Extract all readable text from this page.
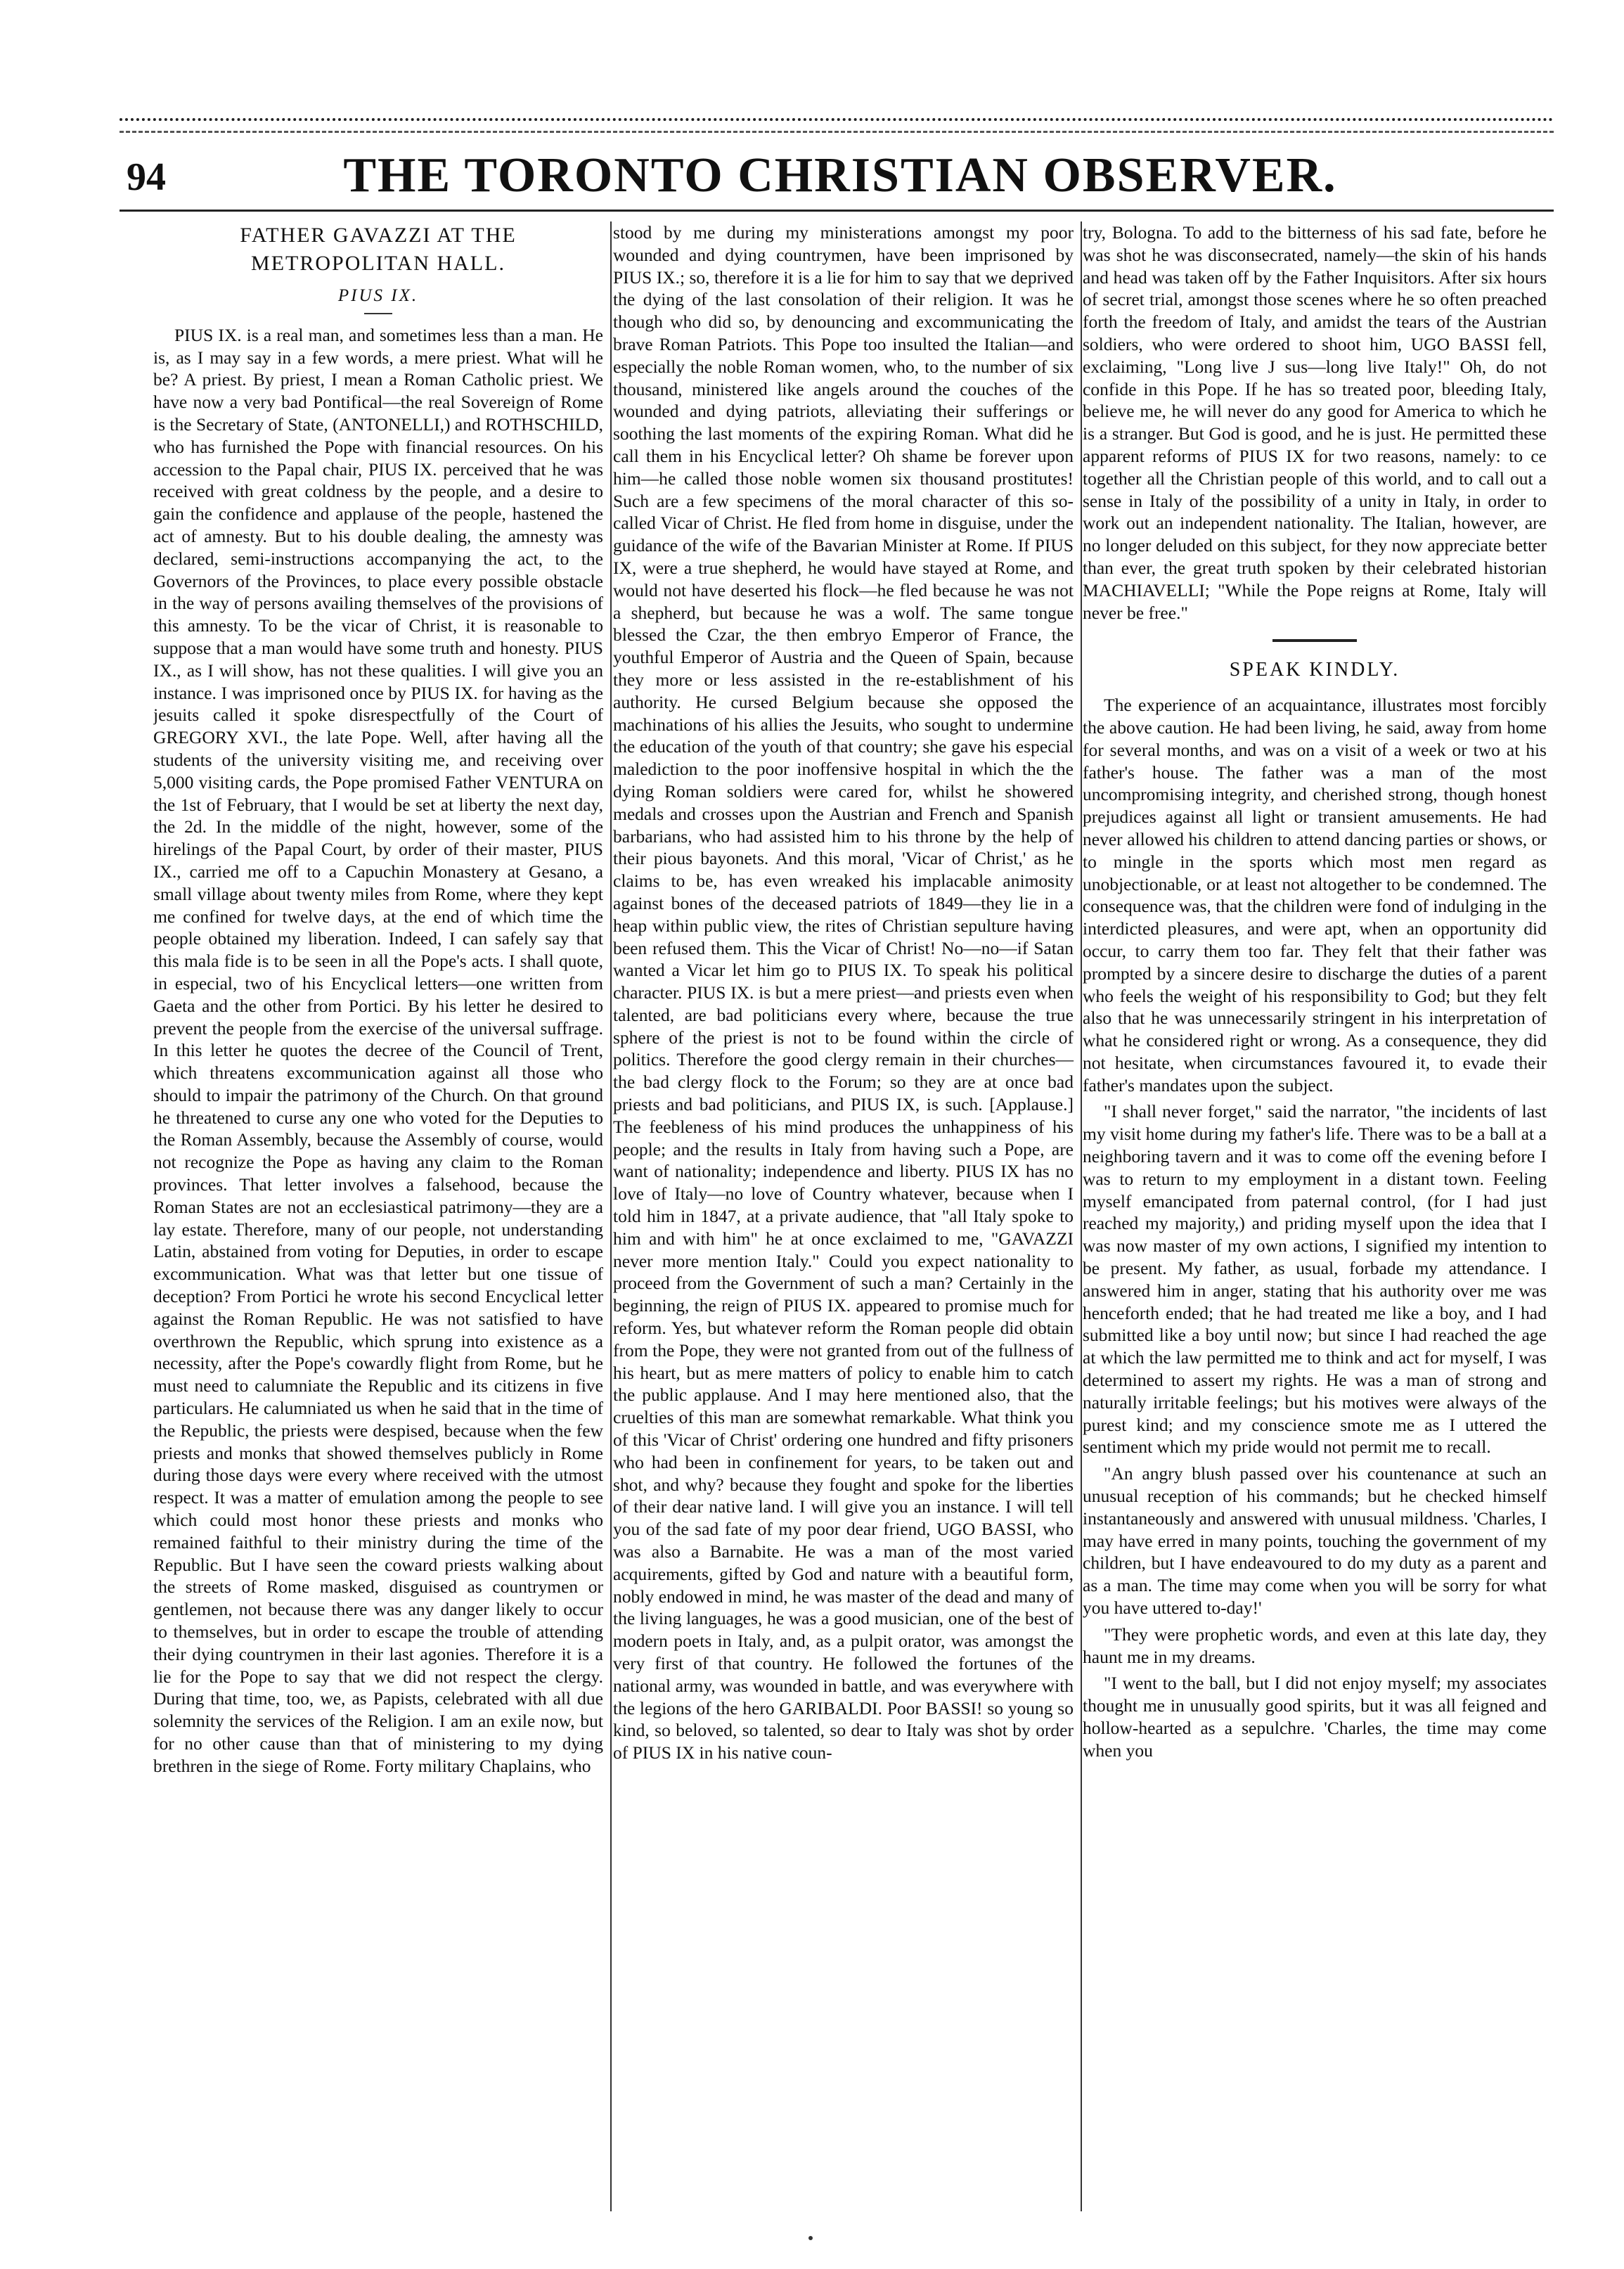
94	THE TORONTO CHRISTIAN OBSERVER.
FATHER GAVAZZI AT THE METROPOLITAN HALL.
PIUS IX.

PIUS IX. is a real man, and sometimes less than a man. He is, as I may say in a few words, a mere priest. What will he be? A priest. By priest, I mean a Roman Catholic priest. We have now a very bad Pontifical—the real Sovereign of Rome is the Secretary of State, (ANTONELLI,) and ROTHSCHILD, who has furnished the Pope with financial resources. On his accession to the Papal chair, PIUS IX. perceived that he was received with great coldness by the people, and a desire to gain the confidence and applause of the people, hastened the act of amnesty. But to his double dealing, the amnesty was declared, semi-instructions accompanying the act, to the Governors of the Provinces, to place every possible obstacle in the way of persons availing themselves of the provisions of this amnesty. To be the vicar of Christ, it is reasonable to suppose that a man would have some truth and honesty. PIUS IX., as I will show, has not these qualities. I will give you an instance. I was imprisoned once by PIUS IX. for having as the jesuits called it spoke disrespectfully of the Court of GREGORY XVI., the late Pope. Well, after having all the students of the university visiting me, and receiving over 5,000 visiting cards, the Pope promised Father VENTURA on the 1st of February, that I would be set at liberty the next day, the 2d. In the middle of the night, however, some of the hirelings of the Papal Court, by order of their master, PIUS IX., carried me off to a Capuchin Monastery at Gesano, a small village about twenty miles from Rome, where they kept me confined for twelve days, at the end of which time the people obtained my liberation. Indeed, I can safely say that this mala fide is to be seen in all the Pope's acts. I shall quote, in especial, two of his Encyclical letters—one written from Gaeta and the other from Portici. By his letter he desired to prevent the people from the exercise of the universal suffrage. In this letter he quotes the decree of the Council of Trent, which threatens excommunication against all those who should to impair the patrimony of the Church. On that ground he threatened to curse any one who voted for the Deputies to the Roman Assembly, because the Assembly of course, would not recognize the Pope as having any claim to the Roman provinces. That letter involves a falsehood, because the Roman States are not an ecclesiastical patrimony—they are a lay estate. Therefore, many of our people, not understanding Latin, abstained from voting for Deputies, in order to escape excommunication. What was that letter but one tissue of deception? From Portici he wrote his second Encyclical letter against the Roman Republic. He was not satisfied to have overthrown the Republic, which sprung into existence as a necessity, after the Pope's cowardly flight from Rome, but he must need to calumniate the Republic and its citizens in five particulars. He calumniated us when he said that in the time of the Republic, the priests were despised, because when the few priests and monks that showed themselves publicly in Rome during those days were every where received with the utmost respect. It was a matter of emulation among the people to see which could most honor these priests and monks who remained faithful to their ministry during the time of the Republic. But I have seen the coward priests walking about the streets of Rome masked, disguised as countrymen or gentlemen, not because there was any danger likely to occur to themselves, but in order to escape the trouble of attending their dying countrymen in their last agonies. Therefore it is a lie for the Pope to say that we did not respect the clergy. During that time, too, we, as Papists, celebrated with all due solemnity the services of the Religion. I am an exile now, but for no other cause than that of ministering to my dying brethren in the siege of Rome. Forty military Chaplains, who

stood by me during my ministerations amongst my poor wounded and dying countrymen, have been imprisoned by PIUS IX.; so, therefore it is a lie for him to say that we deprived the dying of the last consolation of their religion. It was he though who did so, by denouncing and excommunicating the brave Roman Patriots. This Pope too insulted the Italian—and especially the noble Roman women, who, to the number of six thousand, ministered like angels around the couches of the wounded and dying patriots, alleviating their sufferings or soothing the last moments of the expiring Roman. What did he call them in his Encyclical letter? Oh shame be forever upon him—he called those noble women six thousand prostitutes! Such are a few specimens of the moral character of this so-called Vicar of Christ. He fled from home in disguise, under the guidance of the wife of the Bavarian Minister at Rome. If PIUS IX, were a true shepherd, he would have stayed at Rome, and would not have deserted his flock—he fled because he was not a shepherd, but because he was a wolf. The same tongue blessed the Czar, the then embryo Emperor of France, the youthful Emperor of Austria and the Queen of Spain, because they more or less assisted in the re-establishment of his authority. He cursed Belgium because she opposed the machinations of his allies the Jesuits, who sought to undermine the education of the youth of that country; she gave his especial malediction to the poor inoffensive hospital in which the the dying Roman soldiers were cared for, whilst he showered medals and crosses upon the Austrian and French and Spanish barbarians, who had assisted him to his throne by the help of their pious bayonets. And this moral, 'Vicar of Christ,' as he claims to be, has even wreaked his implacable animosity against bones of the deceased patriots of 1849—they lie in a heap within public view, the rites of Christian sepulture having been refused them. This the Vicar of Christ! No—no—if Satan wanted a Vicar let him go to PIUS IX. To speak his political character. PIUS IX. is but a mere priest—and priests even when talented, are bad politicians every where, because the true sphere of the priest is not to be found within the circle of politics. Therefore the good clergy remain in their churches—the bad clergy flock to the Forum; so they are at once bad priests and bad politicians, and PIUS IX, is such. [Applause.] The feebleness of his mind produces the unhappiness of his people; and the results in Italy from having such a Pope, are want of nationality; independence and liberty. PIUS IX has no love of Italy—no love of Country whatever, because when I told him in 1847, at a private audience, that "all Italy spoke to him and with him" he at once exclaimed to me, "GAVAZZI never more mention Italy." Could you expect nationality to proceed from the Government of such a man? Certainly in the beginning, the reign of PIUS IX. appeared to promise much for reform. Yes, but whatever reform the Roman people did obtain from the Pope, they were not granted from out of the fullness of his heart, but as mere matters of policy to enable him to catch the public applause. And I may here mentioned also, that the cruelties of this man are somewhat remarkable. What think you of this 'Vicar of Christ' ordering one hundred and fifty prisoners who had been in confinement for years, to be taken out and shot, and why? because they fought and spoke for the liberties of their dear native land. I will give you an instance. I will tell you of the sad fate of my poor dear friend, UGO BASSI, who was also a Barnabite. He was a man of the most varied acquirements, gifted by God and nature with a beautiful form, nobly endowed in mind, he was master of the dead and many of the living languages, he was a good musician, one of the best of modern poets in Italy, and, as a pulpit orator, was amongst the very first of that country. He followed the fortunes of the national army, was wounded in battle, and was everywhere with the legions of the hero GARIBALDI. Poor BASSI! so young so kind, so beloved, so talented, so dear to Italy was shot by order of PIUS IX in his native coun-

try, Bologna. To add to the bitterness of his sad fate, before he was shot he was disconsecrated, namely—the skin of his hands and head was taken off by the Father Inquisitors. After six hours of secret trial, amongst those scenes where he so often preached forth the freedom of Italy, and amidst the tears of the Austrian soldiers, who were ordered to shoot him, UGO BASSI fell, exclaiming, "Long live J sus—long live Italy!" Oh, do not confide in this Pope. If he has so treated poor, bleeding Italy, believe me, he will never do any good for America to which he is a stranger. But God is good, and he is just. He permitted these apparent reforms of PIUS IX for two reasons, namely: to ce together all the Christian people of this world, and to call out a sense in Italy of the possibility of a unity in Italy, in order to work out an independent nationality. The Italian, however, are no longer deluded on this subject, for they now appreciate better than ever, the great truth spoken by their celebrated historian MACHIAVELLI; "While the Pope reigns at Rome, Italy will never be free."

SPEAK KINDLY.

The experience of an acquaintance, illustrates most forcibly the above caution. He had been living, he said, away from home for several months, and was on a visit of a week or two at his father's house. The father was a man of the most uncompromising integrity, and cherished strong, though honest prejudices against all light or transient amusements. He had never allowed his children to attend dancing parties or shows, or to mingle in the sports which most men regard as unobjectionable, or at least not altogether to be condemned. The consequence was, that the children were fond of indulging in the interdicted pleasures, and were apt, when an opportunity did occur, to carry them too far. They felt that their father was prompted by a sincere desire to discharge the duties of a parent who feels the weight of his responsibility to God; but they felt also that he was unnecessarily stringent in his interpretation of what he considered right or wrong. As a consequence, they did not hesitate, when circumstances favoured it, to evade their father's mandates upon the subject.

"I shall never forget," said the narrator, "the incidents of last my visit home during my father's life. There was to be a ball at a neighboring tavern and it was to come off the evening before I was to return to my employment in a distant town. Feeling myself emancipated from paternal control, (for I had just reached my majority,) and priding myself upon the idea that I was now master of my own actions, I signified my intention to be present. My father, as usual, forbade my attendance. I answered him in anger, stating that his authority over me was henceforth ended; that he had treated me like a boy, and I had submitted like a boy until now; but since I had reached the age at which the law permitted me to think and act for myself, I was determined to assert my rights. He was a man of strong and naturally irritable feelings; but his motives were always of the purest kind; and my conscience smote me as I uttered the sentiment which my pride would not permit me to recall.

"An angry blush passed over his countenance at such an unusual reception of his commands; but he checked himself instantaneously and answered with unusual mildness. 'Charles, I may have erred in many points, touching the government of my children, but I have endeavoured to do my duty as a parent and as a man. The time may come when you will be sorry for what you have uttered to-day!'

"They were prophetic words, and even at this late day, they haunt me in my dreams.

"I went to the ball, but I did not enjoy myself; my associates thought me in unusually good spirits, but it was all feigned and hollow-hearted as a sepulchre. 'Charles, the time may come when you
